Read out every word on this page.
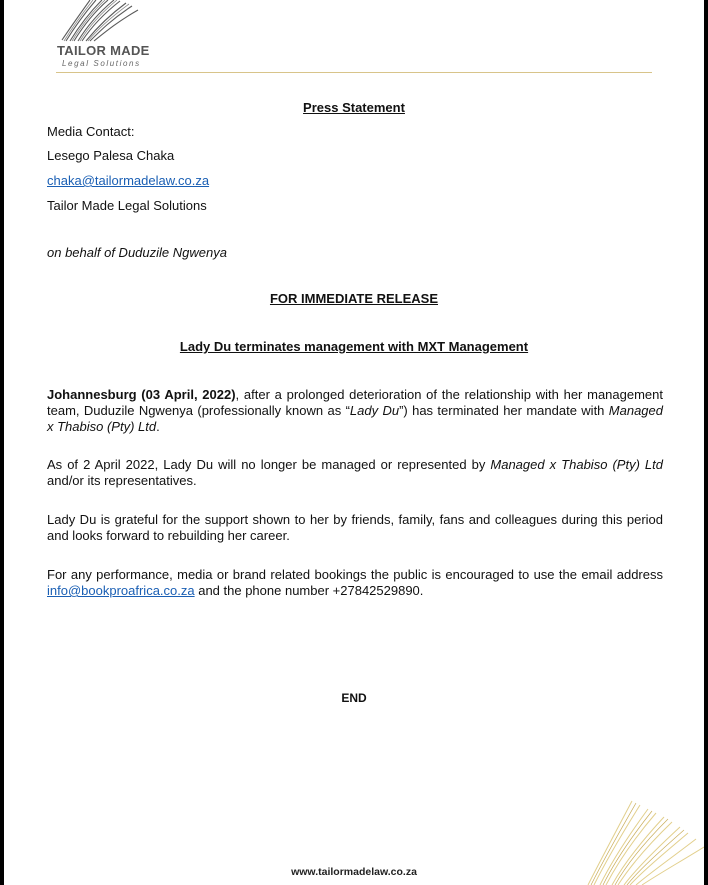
TAILOR MADE
Legal Solutions
Press Statement
Media Contact:
Lesego Palesa Chaka
chaka@tailormadelaw.co.za
Tailor Made Legal Solutions
on behalf of Duduzile Ngwenya
FOR IMMEDIATE RELEASE
Lady Du terminates management with MXT Management
Johannesburg (03 April, 2022), after a prolonged deterioration of the relationship with her management team, Duduzile Ngwenya (professionally known as “Lady Du”) has terminated her mandate with Managed x Thabiso (Pty) Ltd.
As of 2 April 2022, Lady Du will no longer be managed or represented by Managed x Thabiso (Pty) Ltd and/or its representatives.
Lady Du is grateful for the support shown to her by friends, family, fans and colleagues during this period and looks forward to rebuilding her career.
For any performance, media or brand related bookings the public is encouraged to use the email address info@bookproafrica.co.za and the phone number +27842529890.
END
www.tailormadelaw.co.za
